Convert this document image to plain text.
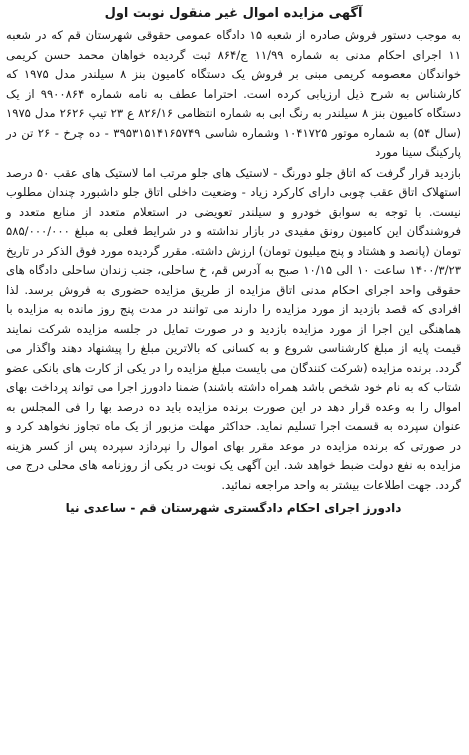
آگهی مزایده اموال غیر منقول نوبت اول

به موجب دستور فروش صادره از شعبه ۱۵ دادگاه عمومی حقوقی شهرستان قم که در شعبه ۱۱ اجرای احکام مدنی به شماره ۱۱/۹۹ ج/۸۶۴ ثبت گردیده خواهان محمد حسن کریمی خواندگان معصومه کریمی مبنی بر فروش یک دستگاه کامیون بنز ۸ سیلندر مدل ۱۹۷۵ که کارشناس به شرح ذیل ارزیابی کرده است. احتراما عطف به نامه شماره ۹۹۰۰۸۶۴ از یک دستگاه کامیون بنز ۸ سیلندر به رنگ ابی به شماره انتظامی ۸۲۶/۱۶ ع ۲۳ تیپ ۲۶۲۶ مدل ۱۹۷۵ (سال ۵۴) به شماره موتور ۱۰۴۱۷۲۵ وشماره شاسی ۳۹۵۳۱۵۱۴۱۶۵۷۴۹ - ده چرخ - ۲۶ تن در پارکینگ سینا مورد

بازدید قرار گرفت که اتاق جلو دورنگ - لاستیک های جلو مرتب اما لاستیک های عقب ۵۰ درصد استهلاک اتاق عقب چوبی دارای کارکرد زیاد - وضعیت داخلی اتاق جلو داشبورد چندان مطلوب نیست. با توجه به سوابق خودرو و سیلندر تعویضی در استعلام متعدد از منابع متعدد و فروشندگان این کامیون رونق مفیدی در بازار نداشته و در شرایط فعلی به مبلغ ۵۸۵/۰۰۰/۰۰۰ تومان (پانصد و هشتاد و پنج میلیون تومان) ارزش داشته. مقرر گردیده مورد فوق الذکر در تاریخ ۱۴۰۰/۳/۲۳ ساعت ۱۰ الی ۱۰/۱۵ صبح به آدرس قم، خ ساحلی، جنب زندان ساحلی دادگاه های حقوقی واحد اجرای احکام مدنی اتاق مزایده از طریق مزایده حضوری به فروش برسد. لذا افرادی که قصد بازدید از مورد مزایده را دارند می توانند در مدت پنج روز مانده به مزایده با هماهنگی این اجرا از مورد مزایده بازدید و در صورت تمایل در جلسه مزایده شرکت نمایند قیمت پایه از مبلغ کارشناسی شروع و به کسانی که بالاترین مبلغ را پیشنهاد دهند واگذار می گردد. برنده مزایده (شرکت کنندگان می بایست مبلغ مزایده را در یکی از کارت های بانکی عضو شتاب که به نام خود شخص باشد همراه داشته باشند) ضمنا دادورز اجرا می تواند پرداخت بهای اموال را به وعده قرار دهد در این صورت برنده مزایده باید ده درصد بها را فی المجلس به عنوان سپرده به قسمت اجرا تسلیم نماید. حداکثر مهلت مزبور از یک ماه تجاوز نخواهد کرد و در صورتی که برنده مزایده در موعد مقرر بهای اموال را نپردازد سپرده پس از کسر هزینه مزایده به نفع دولت ضبط خواهد شد. این آگهی یک نوبت در یکی از روزنامه های محلی درج می گردد. جهت اطلاعات بیشتر به واحد مراجعه نمائید.

دادورز اجرای احکام دادگستری شهرستان قم - ساعدی نیا
